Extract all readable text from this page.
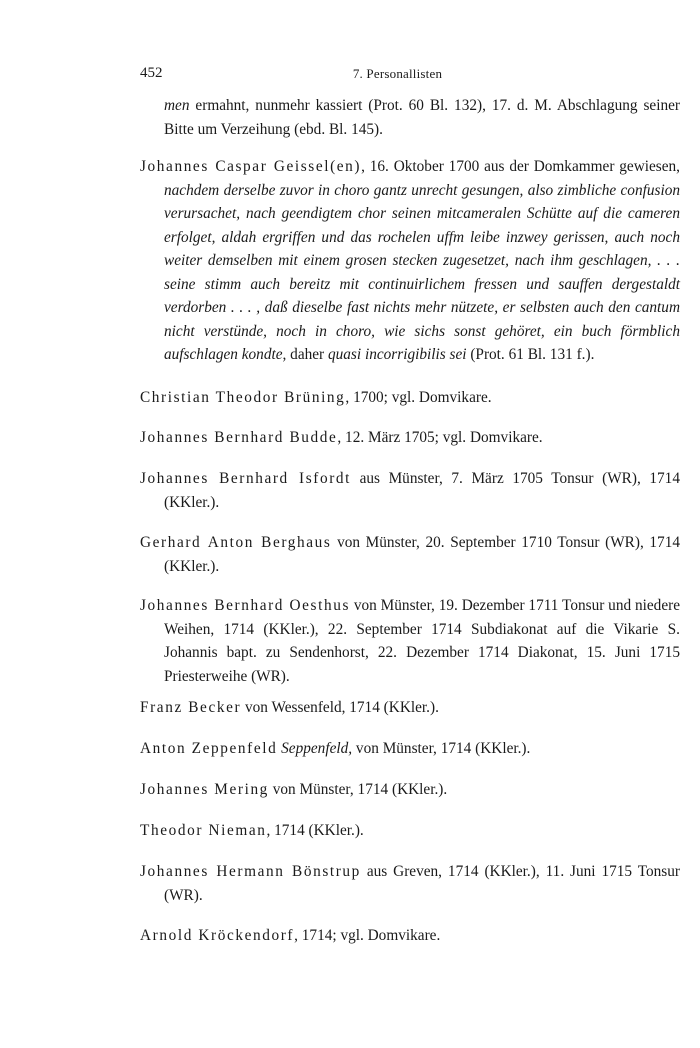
452	7. Personallisten

men ermahnt, nunmehr kassiert (Prot. 60 Bl. 132), 17. d. M. Abschlagung seiner Bitte um Verzeihung (ebd. Bl. 145).

Johannes Caspar Geissel(en), 16. Oktober 1700 aus der Domkammer gewiesen, nachdem derselbe zuvor in choro gantz unrecht gesungen, also zimbliche confusion verursachet, nach geendigtem chor seinen mitcameralen Schütte auf die cameren erfolget, aldah ergriffen und das rochelen uffm leibe inzwey gerissen, auch noch weiter demselben mit einem grosen stecken zugesetzet, nach ihm geschlagen, . . . seine stimm auch bereitz mit continuirlichem fressen und sauffen dergestaldt verdorben . . . , daß dieselbe fast nichts mehr nützete, er selbsten auch den cantum nicht verstünde, noch in choro, wie sichs sonst gehöret, ein buch förmblich aufschlagen kondte, daher quasi incorrigibilis sei (Prot. 61 Bl. 131 f.).

Christian Theodor Brüning, 1700; vgl. Domvikare.

Johannes Bernhard Budde, 12. März 1705; vgl. Domvikare.

Johannes Bernhard Isfordt aus Münster, 7. März 1705 Tonsur (WR), 1714 (KKler.).

Gerhard Anton Berghaus von Münster, 20. September 1710 Tonsur (WR), 1714 (KKler.).

Johannes Bernhard Oesthus von Münster, 19. Dezember 1711 Tonsur und niedere Weihen, 1714 (KKler.), 22. September 1714 Subdiakonat auf die Vikarie S. Johannis bapt. zu Sendenhorst, 22. Dezember 1714 Diakonat, 15. Juni 1715 Priesterweihe (WR).

Franz Becker von Wessenfeld, 1714 (KKler.).

Anton Zeppenfeld Seppenfeld, von Münster, 1714 (KKler.).

Johannes Mering von Münster, 1714 (KKler.).

Theodor Nieman, 1714 (KKler.).

Johannes Hermann Bönstrup aus Greven, 1714 (KKler.), 11. Juni 1715 Tonsur (WR).

Arnold Kröckendorf, 1714; vgl. Domvikare.
